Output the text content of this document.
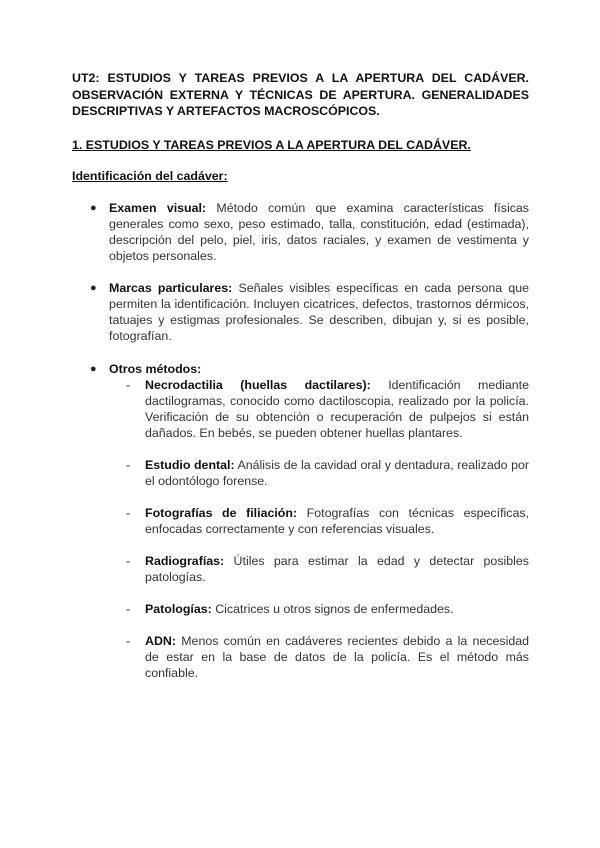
UT2: ESTUDIOS Y TAREAS PREVIOS A LA APERTURA DEL CADÁVER. OBSERVACIÓN EXTERNA Y TÉCNICAS DE APERTURA. GENERALIDADES DESCRIPTIVAS Y ARTEFACTOS MACROSCÓPICOS.

1. ESTUDIOS Y TAREAS PREVIOS A LA APERTURA DEL CADÁVER.

Identificación del cadáver:

● Examen visual: Método común que examina características físicas generales como sexo, peso estimado, talla, constitución, edad (estimada), descripción del pelo, piel, iris, datos raciales, y examen de vestimenta y objetos personales.
● Marcas particulares: Señales visibles específicas en cada persona que permiten la identificación. Incluyen cicatrices, defectos, trastornos dérmicos, tatuajes y estigmas profesionales. Se describen, dibujan y, si es posible, fotografían.
● Otros métodos:
- Necrodactilia (huellas dactilares): Identificación mediante dactilogramas, conocido como dactiloscopia, realizado por la policía. Verificación de su obtención o recuperación de pulpejos si están dañados. En bebés, se pueden obtener huellas plantares.
- Estudio dental: Análisis de la cavidad oral y dentadura, realizado por el odontólogo forense.
- Fotografías de filiación: Fotografías con técnicas específicas, enfocadas correctamente y con referencias visuales.
- Radiografías: Útiles para estimar la edad y detectar posibles patologías.
- Patologías: Cicatrices u otros signos de enfermedades.
- ADN: Menos común en cadáveres recientes debido a la necesidad de estar en la base de datos de la policía. Es el método más confiable.
